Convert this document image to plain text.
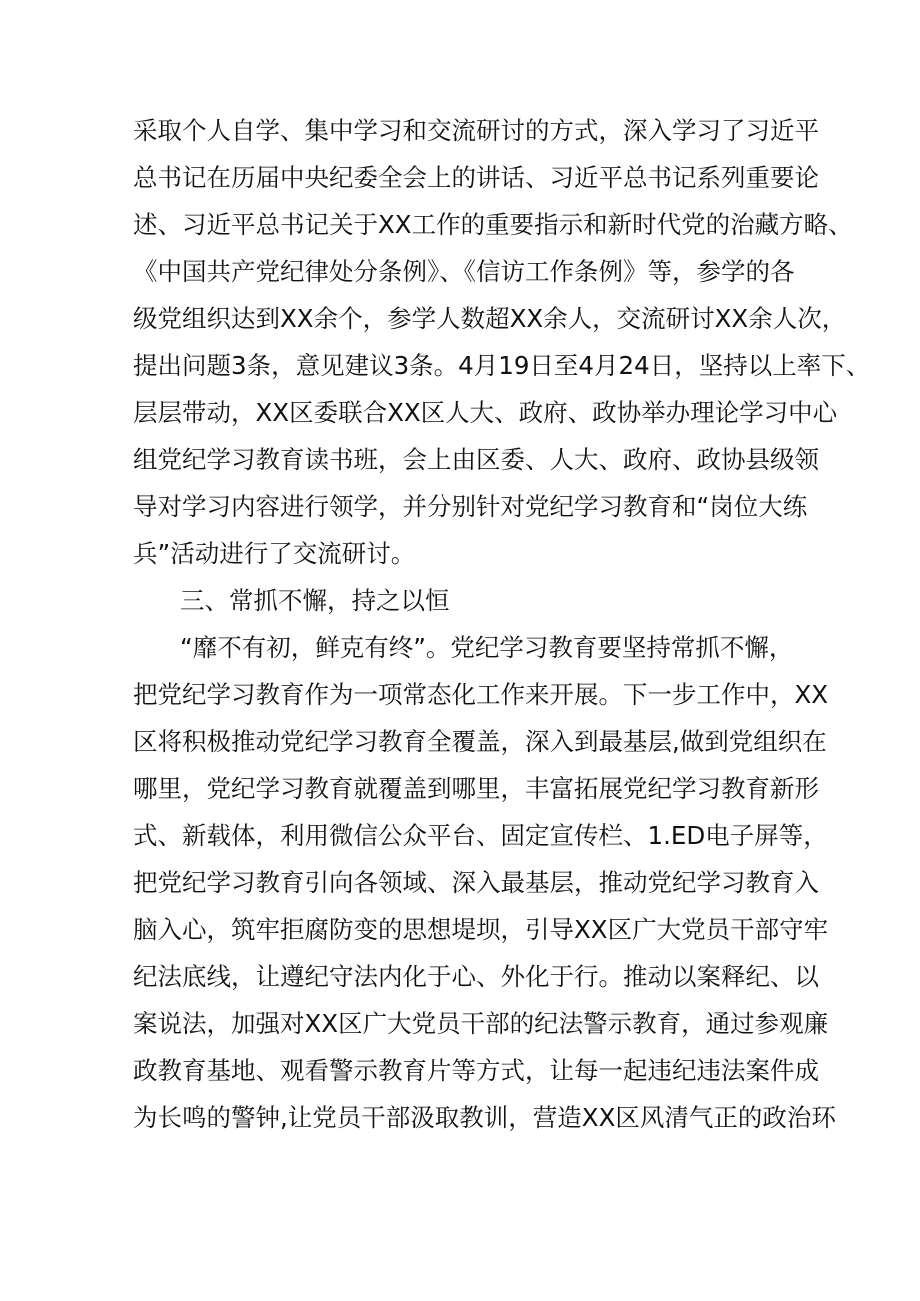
采取个人自学、集中学习和交流研讨的方式，深入学习了习近平

总书记在历届中央纪委全会上的讲话、习近平总书记系列重要论

述、习近平总书记关于XX工作的重要指示和新时代党的治藏方略、

《中国共产党纪律处分条例》、《信访工作条例》等，参学的各

级党组织达到XX余个，参学人数超XX余人，交流研讨XX余人次，

提出问题3条，意见建议3条。4月19日至4月24日，坚持以上率下、

层层带动，XX区委联合XX区人大、政府、政协举办理论学习中心

组党纪学习教育读书班，会上由区委、人大、政府、政协县级领

导对学习内容进行领学，并分别针对党纪学习教育和“岗位大练

兵”活动进行了交流研讨。

三、常抓不懈，持之以恒

“靡不有初，鲜克有终”。党纪学习教育要坚持常抓不懈，

把党纪学习教育作为一项常态化工作来开展。下一步工作中，XX

区将积极推动党纪学习教育全覆盖，深入到最基层,做到党组织在

哪里，党纪学习教育就覆盖到哪里，丰富拓展党纪学习教育新形

式、新载体，利用微信公众平台、固定宣传栏、1.ED电子屏等，

把党纪学习教育引向各领域、深入最基层，推动党纪学习教育入

脑入心，筑牢拒腐防变的思想堤坝，引导XX区广大党员干部守牢

纪法底线，让遵纪守法内化于心、外化于行。推动以案释纪、以

案说法，加强对XX区广大党员干部的纪法警示教育，通过参观廉

政教育基地、观看警示教育片等方式，让每一起违纪违法案件成

为长鸣的警钟,让党员干部汲取教训，营造XX区风清气正的政治环
